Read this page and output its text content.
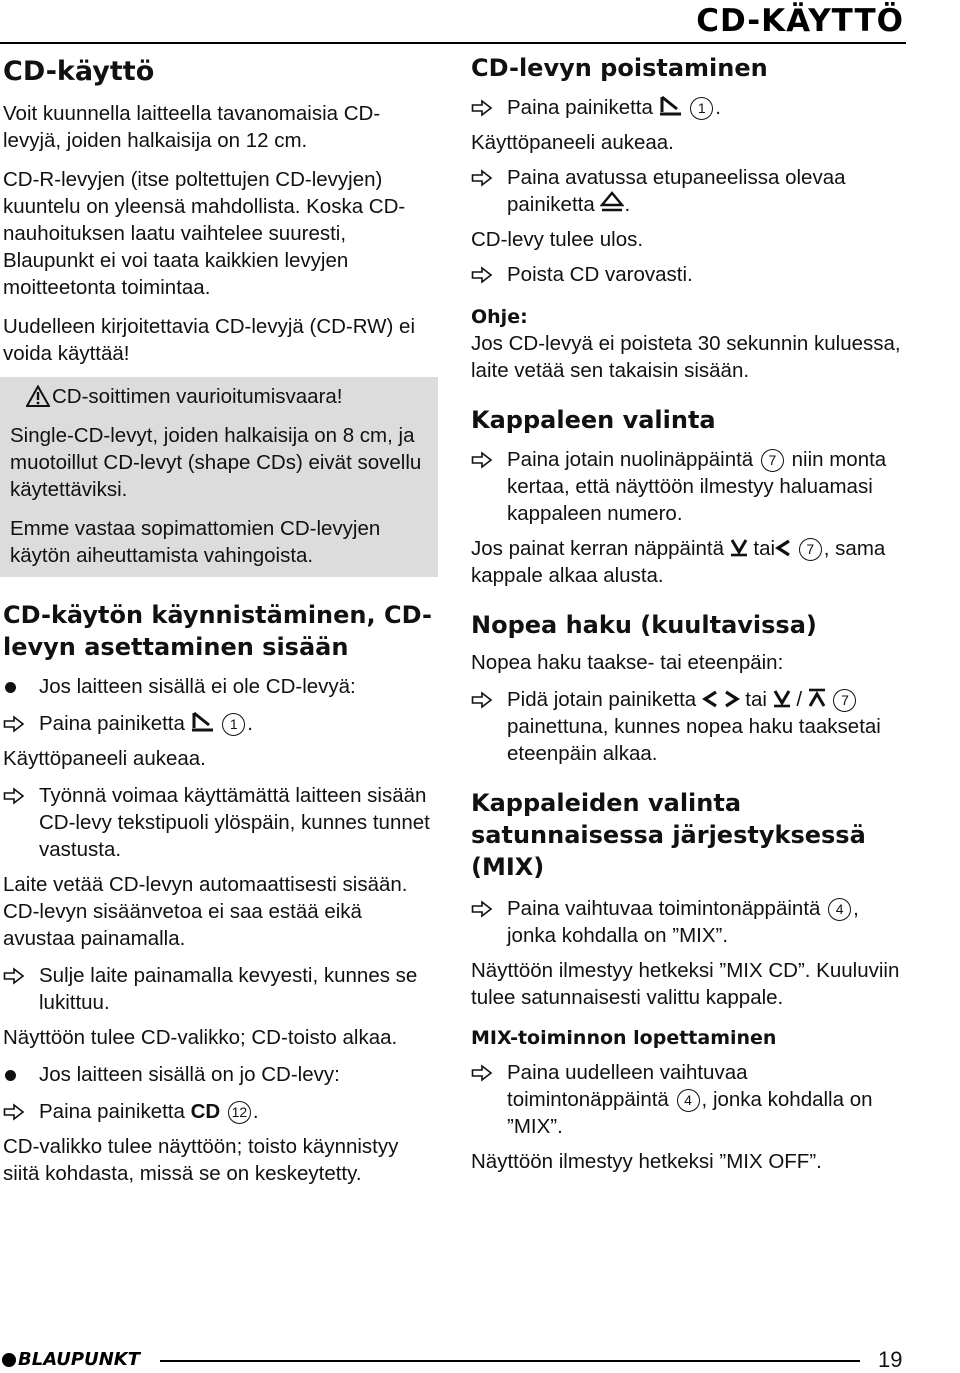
CD-KÄYTTÖ
CD-käyttö

Voit kuunnella laitteella tavanomaisia CD-levyjä, joiden halkaisija on 12 cm.

CD-R-levyjen (itse poltettujen CD-levyjen) kuuntelu on yleensä mahdollista. Koska CD-nauhoituksen laatu vaihtelee suuresti, Blaupunkt ei voi taata kaikkien levyjen moitteetonta toimintaa.

Uudelleen kirjoitettavia CD-levyjä (CD-RW) ei voida käyttää!

CD-soittimen vaurioitumisvaara!

Single-CD-levyt, joiden halkaisija on 8 cm, ja muotoillut CD-levyt (shape CDs) eivät sovellu käytettäviksi.

Emme vastaa sopimattomien CD-levyjen käytön aiheuttamista vahingoista.

CD-käytön käynnistäminen, CD-levyn asettaminen sisään
Jos laitteen sisällä ei ole CD-levyä:
Paina painiketta	1 .

Käyttöpaneeli aukeaa.

Työnnä voimaa käyttämättä laitteen sisään CD-levy tekstipuoli ylöspäin, kunnes tunnet vastusta.

Laite vetää CD-levyn automaattisesti sisään. CD-levyn sisäänvetoa ei saa estää eikä avustaa painamalla.

Sulje laite painamalla kevyesti, kunnes se lukittuu.

Näyttöön tulee CD-valikko; CD-toisto alkaa.

Jos laitteen sisällä on jo CD-levy:
Paina painiketta CD 12 .

CD-valikko tulee näyttöön; toisto käynnistyy siitä kohdasta, missä se on keskeytetty.

CD-levyn poistaminen
Paina painiketta	1 .

Käyttöpaneeli aukeaa.

Paina avatussa etupaneelissa olevaa painiketta .

CD-levy tulee ulos.

Poista CD varovasti.
Ohje:

Jos CD-levyä ei poisteta 30 sekunnin kuluessa, laite vetää sen takaisin sisään.

Kappaleen valinta
Paina jotain nuolinäppäintä 7 niin monta kertaa, että näyttöön ilmestyy haluamasi kappaleen numero.

Jos painat kerran näppäintä tai 7 , sama kappale alkaa alusta.

Nopea haku (kuultavissa)

Nopea haku taakse- tai eteenpäin:

Pidä jotain painiketta tai /	7 painettuna, kunnes nopea haku taaksetai eteenpäin alkaa.
Kappaleiden valinta satunnaisessa järjestyksessä (MIX)
Paina vaihtuvaa toimintonäppäintä 4 , jonka kohdalla on ”MIX”.

Näyttöön ilmestyy hetkeksi ”MIX CD”. Kuuluviin tulee satunnaisesti valittu kappale.

MIX-toiminnon lopettaminen
Paina uudelleen vaihtuvaa toimintonäppäintä 4 , jonka kohdalla on ”MIX”.

Näyttöön ilmestyy hetkeksi ”MIX OFF”.

BLAUPUNKT	19
